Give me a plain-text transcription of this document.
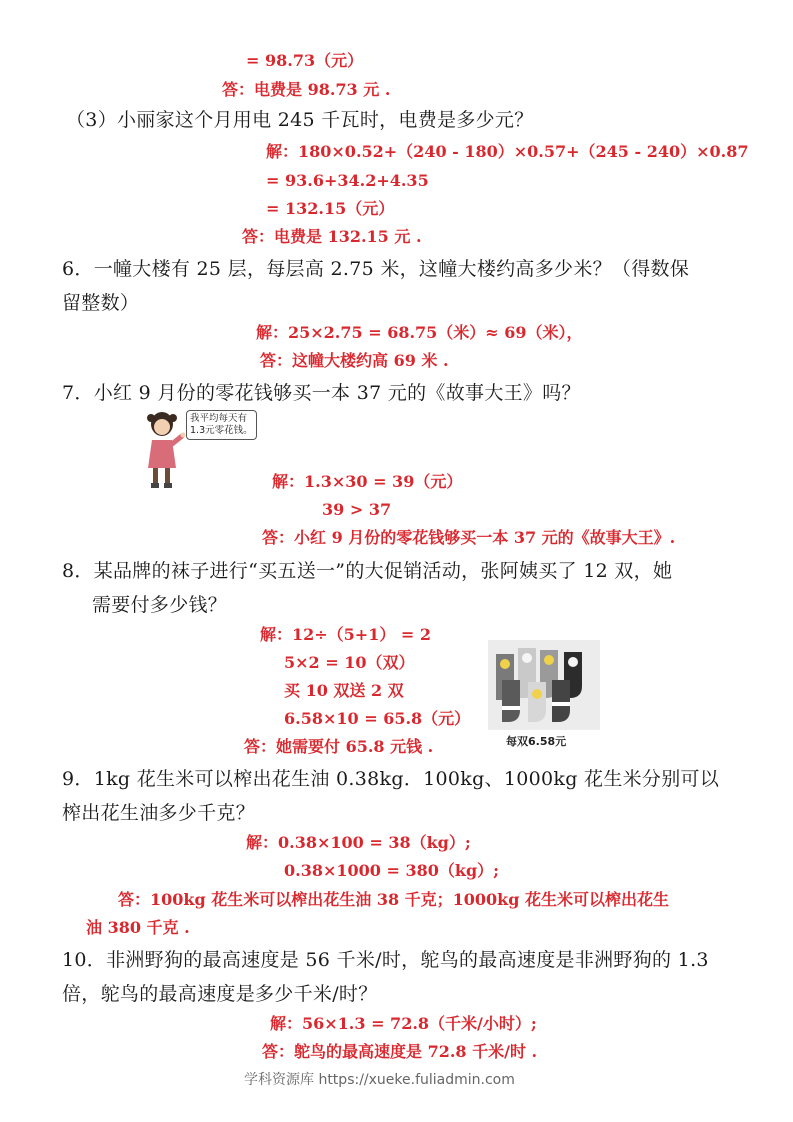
= 98.73（元）
答：电费是 98.73 元 .
（3）小丽家这个月用电 245 千瓦时，电费是多少元？
解：180×0.52+（240 - 180）×0.57+（245 - 240）×0.87
= 93.6+34.2+4.35
= 132.15（元）
答：电费是 132.15 元 .
6．一幢大楼有 25 层，每层高 2.75 米，这幢大楼约高多少米？（得数保
留整数）
解：25×2.75 = 68.75（米）≈ 69（米），
答：这幢大楼约高 69 米 .
7．小红 9 月份的零花钱够买一本 37 元的《故事大王》吗？
我平均每天有
1.3元零花钱。
解：1.3×30 = 39（元）
39 > 37
答：小红 9 月份的零花钱够买一本 37 元的《故事大王》.
8．某品牌的袜子进行“买五送一”的大促销活动，张阿姨买了 12 双，她
需要付多少钱？
解：12÷（5+1） = 2
5×2 = 10（双）
买 10 双送 2 双
6.58×10 = 65.8（元）
答：她需要付 65.8 元钱 .	每双6.58元
9．1kg 花生米可以榨出花生油 0.38kg．100kg、1000kg 花生米分别可以
榨出花生油多少千克？
解：0.38×100 = 38（kg）;
0.38×1000 = 380（kg）;
答：100kg 花生米可以榨出花生油 38 千克；1000kg 花生米可以榨出花生
油 380 千克 .
10．非洲野狗的最高速度是 56 千米/时，鸵鸟的最高速度是非洲野狗的 1.3
倍，鸵鸟的最高速度是多少千米/时？
解：56×1.3 = 72.8（千米/小时）;
答：鸵鸟的最高速度是 72.8 千米/时 .
学科资源库 https://xueke.fuliadmin.com
